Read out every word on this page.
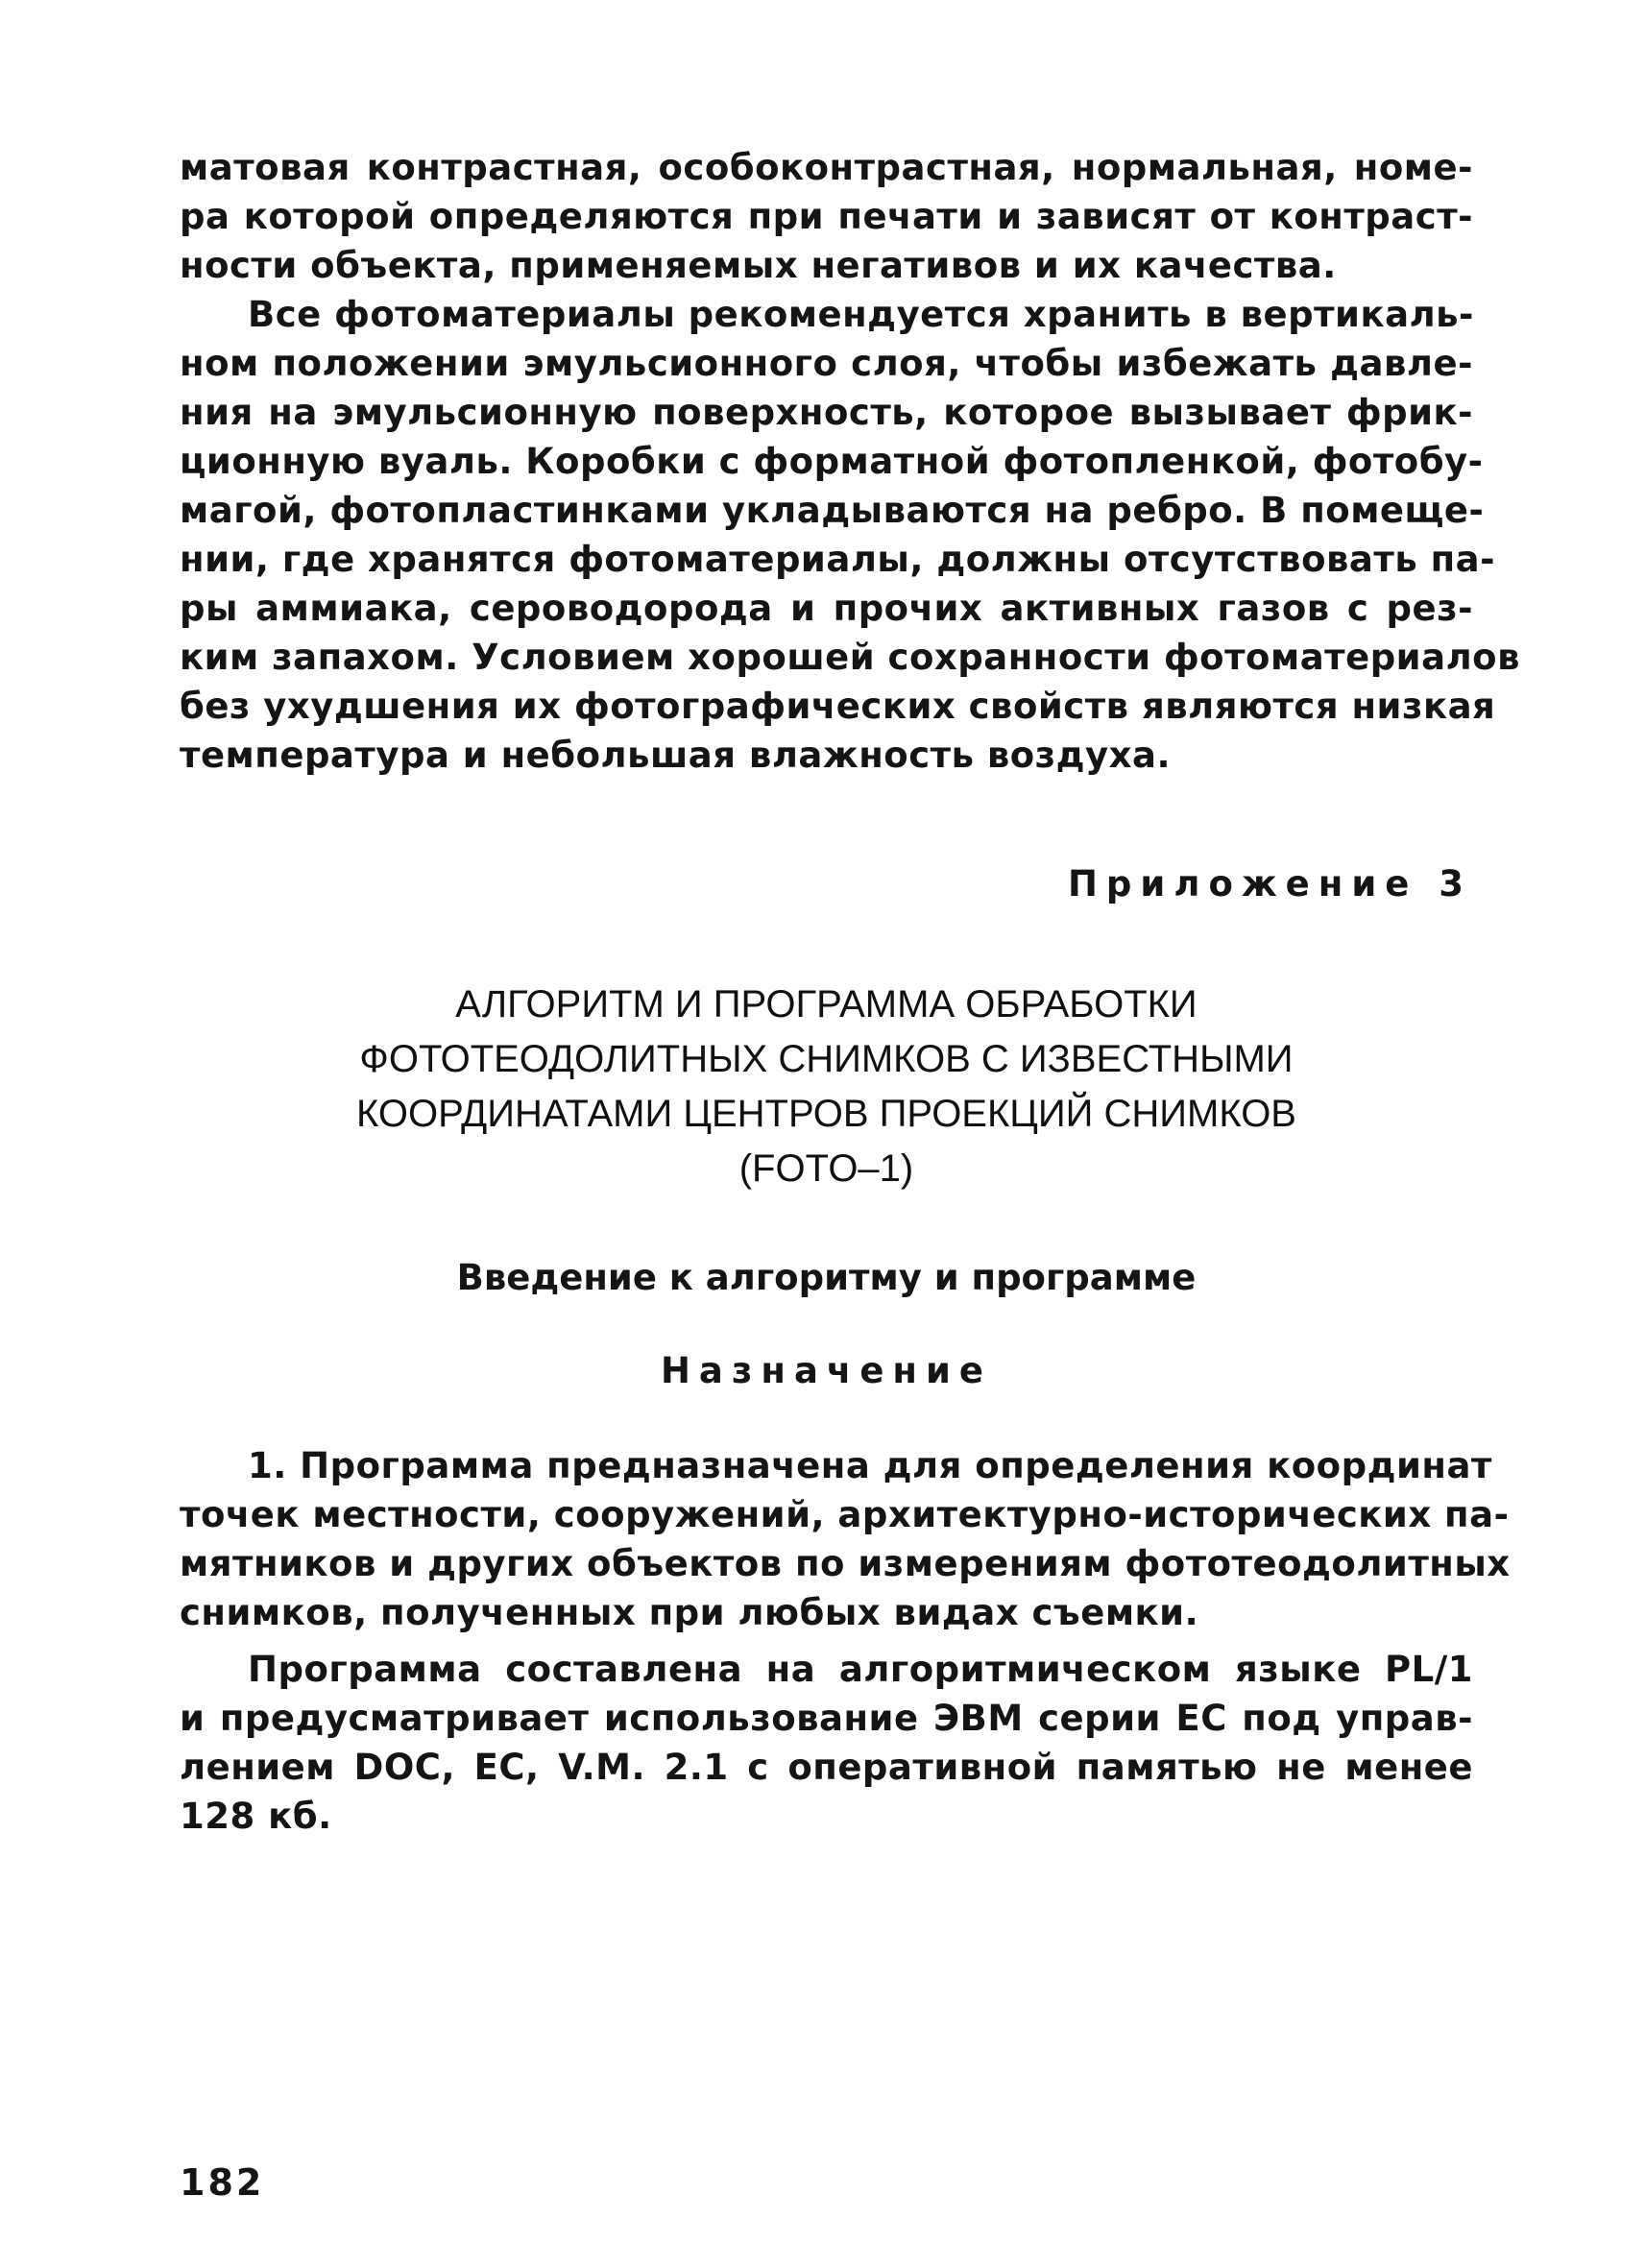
матовая контрастная, особоконтрастная, нормальная, номе-
ра которой определяются при печати и зависят от контраст-
ности объекта, применяемых негативов и их качества.
Все фотоматериалы рекомендуется хранить в вертикаль-
ном положении эмульсионного слоя, чтобы избежать давле-
ния на эмульсионную поверхность, которое вызывает фрик-
ционную вуаль. Коробки с форматной фотопленкой, фотобу-
магой, фотопластинками укладываются на ребро. В помеще-
нии, где хранятся фотоматериалы, должны отсутствовать па-
ры аммиака, сероводорода и прочих активных газов с рез-
ким запахом. Условием хорошей сохранности фотоматериалов
без ухудшения их фотографических свойств являются низкая
температура и небольшая влажность воздуха.
Приложение 3
АЛГОРИТМ И ПРОГРАММА ОБРАБОТКИ
ФОТОТЕОДОЛИТНЫХ СНИМКОВ С ИЗВЕСТНЫМИ
КООРДИНАТАМИ ЦЕНТРОВ ПРОЕКЦИЙ СНИМКОВ
(FOTO–1)
Введение к алгоритму и программе
Назначение
1. Программа предназначена для определения координат
точек местности, сооружений, архитектурно-исторических па-
мятников и других объектов по измерениям фототеодолитных
снимков, полученных при любых видах съемки.
Программа составлена на алгоритмическом языке PL/1
и предусматривает использование ЭВМ серии ЕС под управ-
лением DOC, EC, V.M. 2.1 с оперативной памятью не менее
128 кб.
182
